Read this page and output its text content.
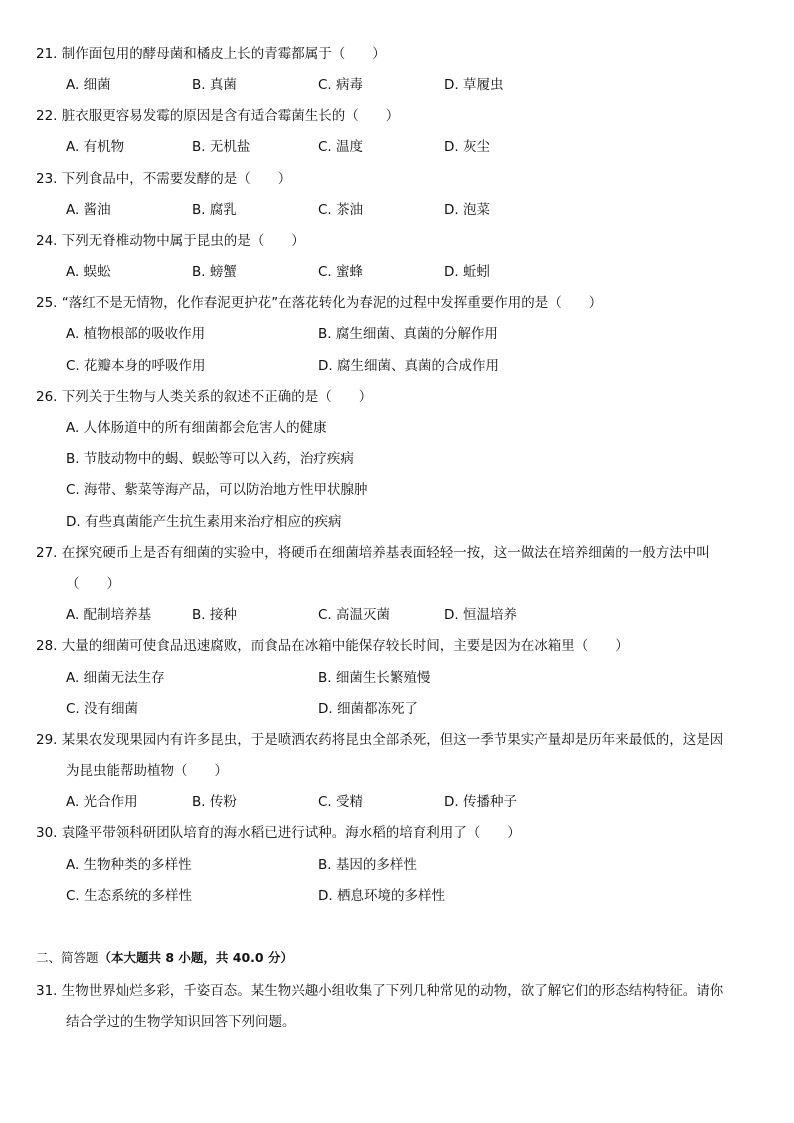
21. 制作面包用的酵母菌和橘皮上长的青霉都属于（　　）
A. 细菌	B. 真菌	C. 病毒	D. 草履虫
22. 脏衣服更容易发霉的原因是含有适合霉菌生长的（　　）
A. 有机物	B. 无机盐	C. 温度	D. 灰尘
23. 下列食品中，不需要发酵的是（　　）
A. 酱油	B. 腐乳	C. 茶油	D. 泡菜
24. 下列无脊椎动物中属于昆虫的是（　　）
A. 蜈蚣	B. 螃蟹	C. 蜜蜂	D. 蚯蚓
25. “落红不是无情物，化作春泥更护花”在落花转化为春泥的过程中发挥重要作用的是（　　）
A. 植物根部的吸收作用	B. 腐生细菌、真菌的分解作用
C. 花瓣本身的呼吸作用	D. 腐生细菌、真菌的合成作用
26. 下列关于生物与人类关系的叙述不正确的是（　　）
A. 人体肠道中的所有细菌都会危害人的健康
B. 节肢动物中的蝎、蜈蚣等可以入药，治疗疾病
C. 海带、紫菜等海产品，可以防治地方性甲状腺肿
D. 有些真菌能产生抗生素用来治疗相应的疾病
27. 在探究硬币上是否有细菌的实验中，将硬币在细菌培养基表面轻轻一按，这一做法在培养细菌的一般方法中叫
（　　）
A. 配制培养基	B. 接种	C. 高温灭菌	D. 恒温培养
28. 大量的细菌可使食品迅速腐败，而食品在冰箱中能保存较长时间，主要是因为在冰箱里（　　）
A. 细菌无法生存	B. 细菌生长繁殖慢
C. 没有细菌	D. 细菌都冻死了
29. 某果农发现果园内有许多昆虫，于是喷洒农药将昆虫全部杀死，但这一季节果实产量却是历年来最低的，这是因
为昆虫能帮助植物（　　）
A. 光合作用	B. 传粉	C. 受精	D. 传播种子
30. 袁隆平带领科研团队培育的海水稻已进行试种。海水稻的培育利用了（　　）
A. 生物种类的多样性	B. 基因的多样性
C. 生态系统的多样性	D. 栖息环境的多样性
二、简答题（本大题共 8 小题，共 40.0 分）
31. 生物世界灿烂多彩，千姿百态。某生物兴趣小组收集了下列几种常见的动物，欲了解它们的形态结构特征。请你
结合学过的生物学知识回答下列问题。
